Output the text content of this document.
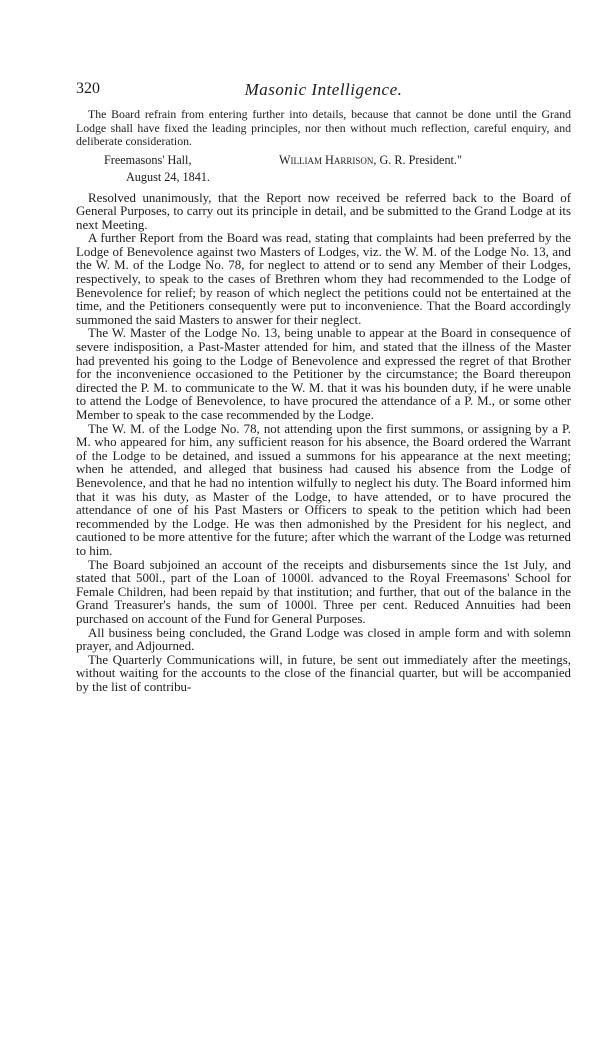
320	Masonic Intelligence.

The Board refrain from entering further into details, because that cannot be done until the Grand Lodge shall have fixed the leading principles, nor then without much reflection, careful enquiry, and deliberate consideration.

Freemasons' Hall,	William Harrison, G. R. President."
August 24, 1841.

Resolved unanimously, that the Report now received be referred back to the Board of General Purposes, to carry out its principle in detail, and be submitted to the Grand Lodge at its next Meeting.

A further Report from the Board was read, stating that complaints had been preferred by the Lodge of Benevolence against two Masters of Lodges, viz. the W. M. of the Lodge No. 13, and the W. M. of the Lodge No. 78, for neglect to attend or to send any Member of their Lodges, respectively, to speak to the cases of Brethren whom they had recommended to the Lodge of Benevolence for relief; by reason of which neglect the petitions could not be entertained at the time, and the Petitioners consequently were put to inconvenience. That the Board accordingly summoned the said Masters to answer for their neglect.

The W. Master of the Lodge No. 13, being unable to appear at the Board in consequence of severe indisposition, a Past-Master attended for him, and stated that the illness of the Master had prevented his going to the Lodge of Benevolence and expressed the regret of that Brother for the inconvenience occasioned to the Petitioner by the circumstance; the Board thereupon directed the P. M. to communicate to the W. M. that it was his bounden duty, if he were unable to attend the Lodge of Benevolence, to have procured the attendance of a P. M., or some other Member to speak to the case recommended by the Lodge.

The W. M. of the Lodge No. 78, not attending upon the first summons, or assigning by a P. M. who appeared for him, any sufficient reason for his absence, the Board ordered the Warrant of the Lodge to be detained, and issued a summons for his appearance at the next meeting; when he attended, and alleged that business had caused his absence from the Lodge of Benevolence, and that he had no intention wilfully to neglect his duty. The Board informed him that it was his duty, as Master of the Lodge, to have attended, or to have procured the attendance of one of his Past Masters or Officers to speak to the petition which had been recommended by the Lodge. He was then admonished by the President for his neglect, and cautioned to be more attentive for the future; after which the warrant of the Lodge was returned to him.

The Board subjoined an account of the receipts and disbursements since the 1st July, and stated that 500l., part of the Loan of 1000l. advanced to the Royal Freemasons' School for Female Children, had been repaid by that institution; and further, that out of the balance in the Grand Treasurer's hands, the sum of 1000l. Three per cent. Reduced Annuities had been purchased on account of the Fund for General Purposes.

All business being concluded, the Grand Lodge was closed in ample form and with solemn prayer, and Adjourned.

The Quarterly Communications will, in future, be sent out immediately after the meetings, without waiting for the accounts to the close of the financial quarter, but will be accompanied by the list of contribu-
